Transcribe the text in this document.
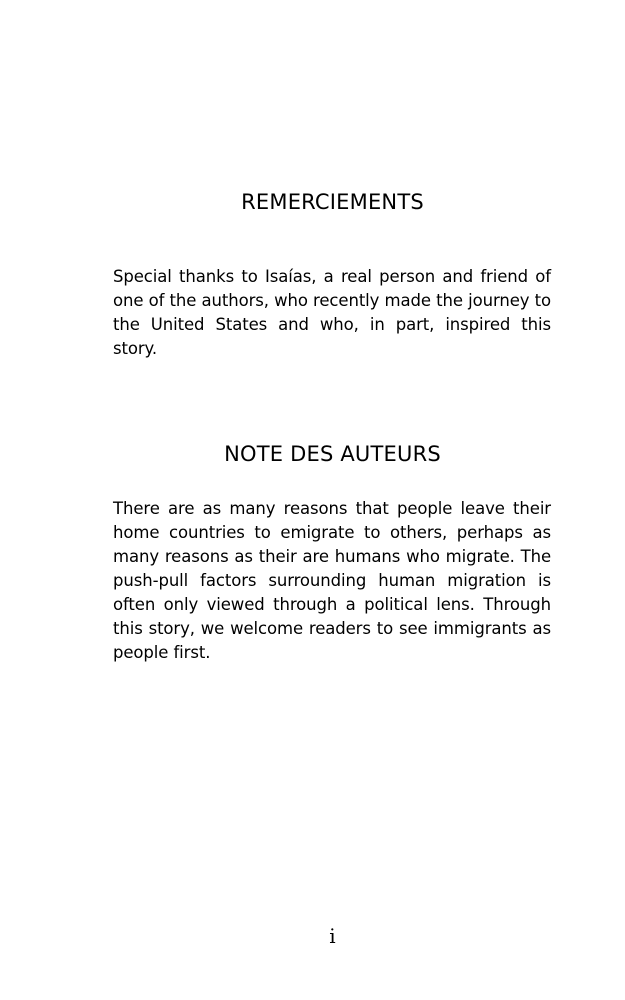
REMERCIEMENTS

Special thanks to Isaías, a real person and friend of one of the authors, who recently made the journey to the United States and who, in part, inspired this story.

NOTE DES AUTEURS

There are as many reasons that people leave their home countries to emigrate to others, perhaps as many reasons as their are humans who migrate. The push-pull factors surrounding human migration is often only viewed through a political lens. Through this story, we welcome readers to see immigrants as people first.

i
